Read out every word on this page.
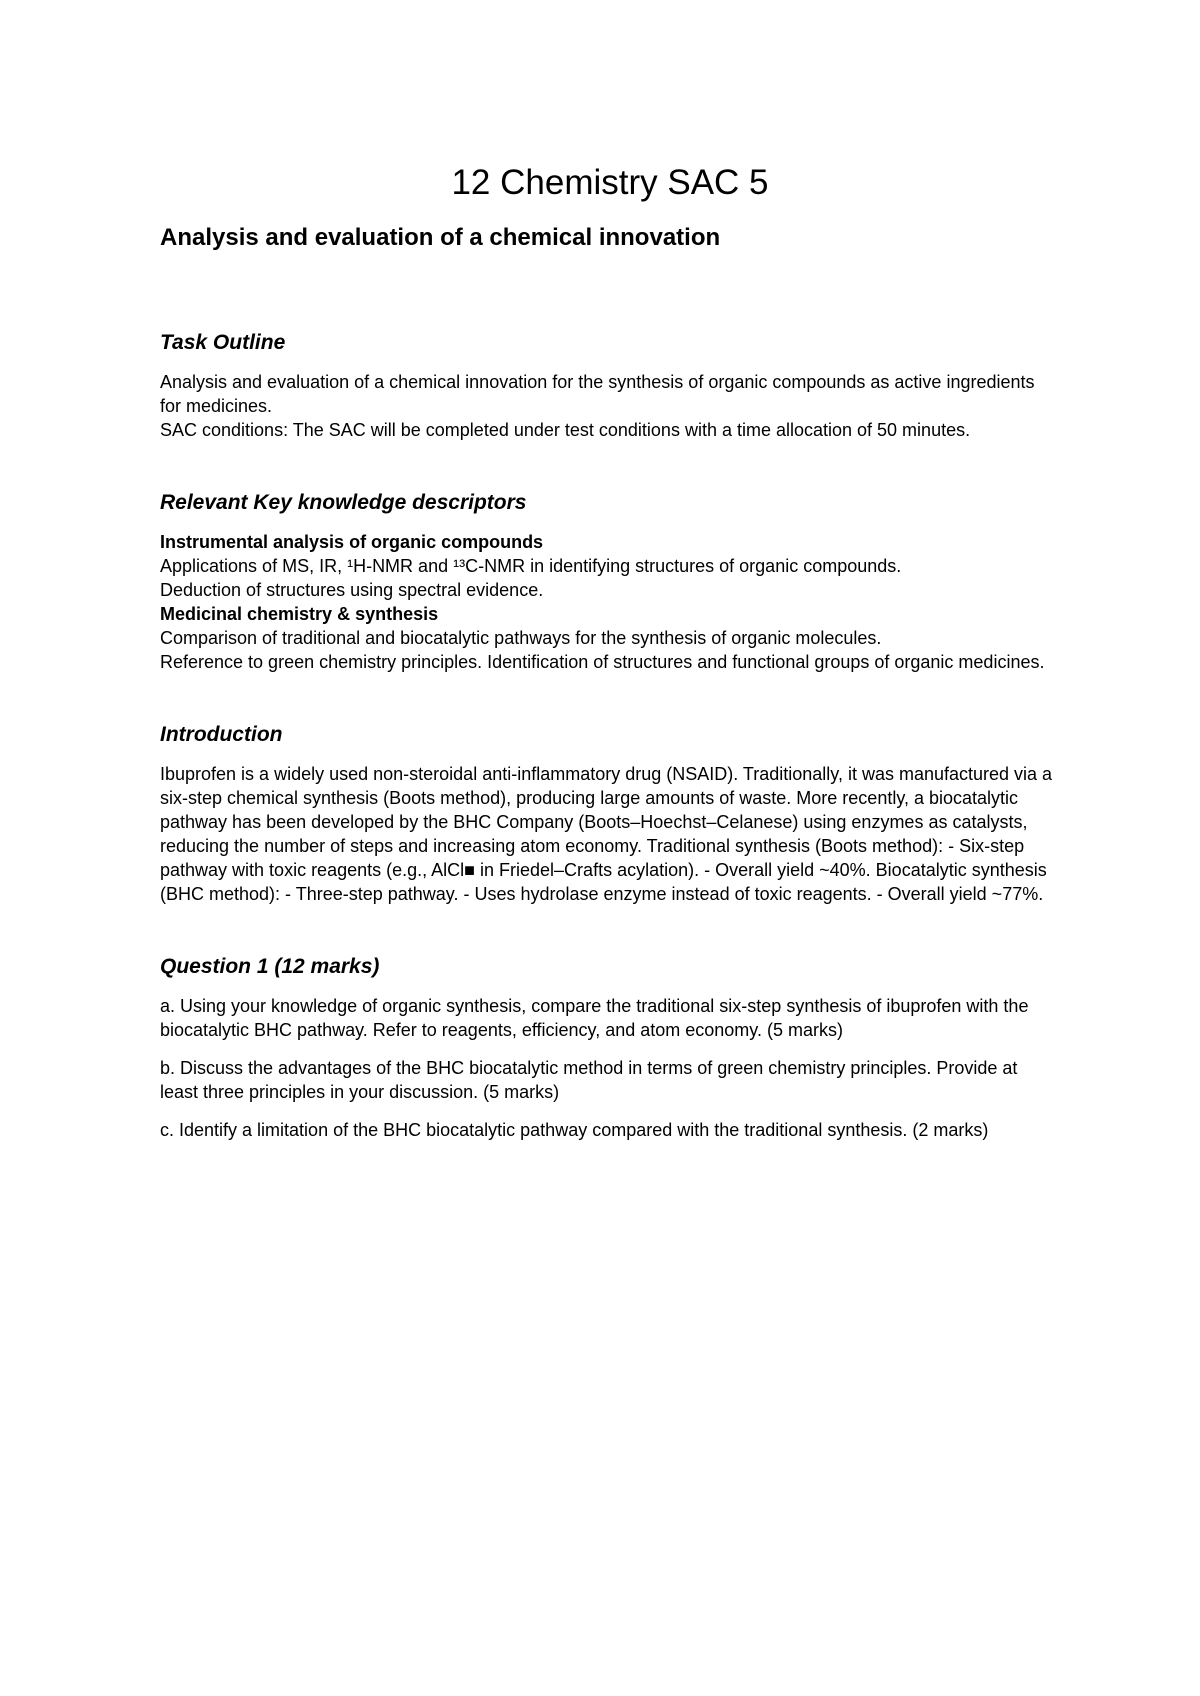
12 Chemistry SAC 5
Analysis and evaluation of a chemical innovation
Task Outline

Analysis and evaluation of a chemical innovation for the synthesis of organic compounds as active ingredients for medicines.

SAC conditions: The SAC will be completed under test conditions with a time allocation of 50 minutes.

Relevant Key knowledge descriptors

Instrumental analysis of organic compounds

Applications of MS, IR, ¹H-NMR and ¹³C-NMR in identifying structures of organic compounds.

Deduction of structures using spectral evidence.

Medicinal chemistry & synthesis

Comparison of traditional and biocatalytic pathways for the synthesis of organic molecules.

Reference to green chemistry principles. Identification of structures and functional groups of organic medicines.

Introduction

Ibuprofen is a widely used non-steroidal anti-inflammatory drug (NSAID). Traditionally, it was manufactured via a six-step chemical synthesis (Boots method), producing large amounts of waste. More recently, a biocatalytic pathway has been developed by the BHC Company (Boots–Hoechst–Celanese) using enzymes as catalysts, reducing the number of steps and increasing atom economy. Traditional synthesis (Boots method): - Six-step pathway with toxic reagents (e.g., AlCl■ in Friedel–Crafts acylation). - Overall yield ~40%. Biocatalytic synthesis (BHC method): - Three-step pathway. - Uses hydrolase enzyme instead of toxic reagents. - Overall yield ~77%.

Question 1 (12 marks)

a. Using your knowledge of organic synthesis, compare the traditional six-step synthesis of ibuprofen with the biocatalytic BHC pathway. Refer to reagents, efficiency, and atom economy. (5 marks)

b. Discuss the advantages of the BHC biocatalytic method in terms of green chemistry principles. Provide at least three principles in your discussion. (5 marks)

c. Identify a limitation of the BHC biocatalytic pathway compared with the traditional synthesis. (2 marks)
